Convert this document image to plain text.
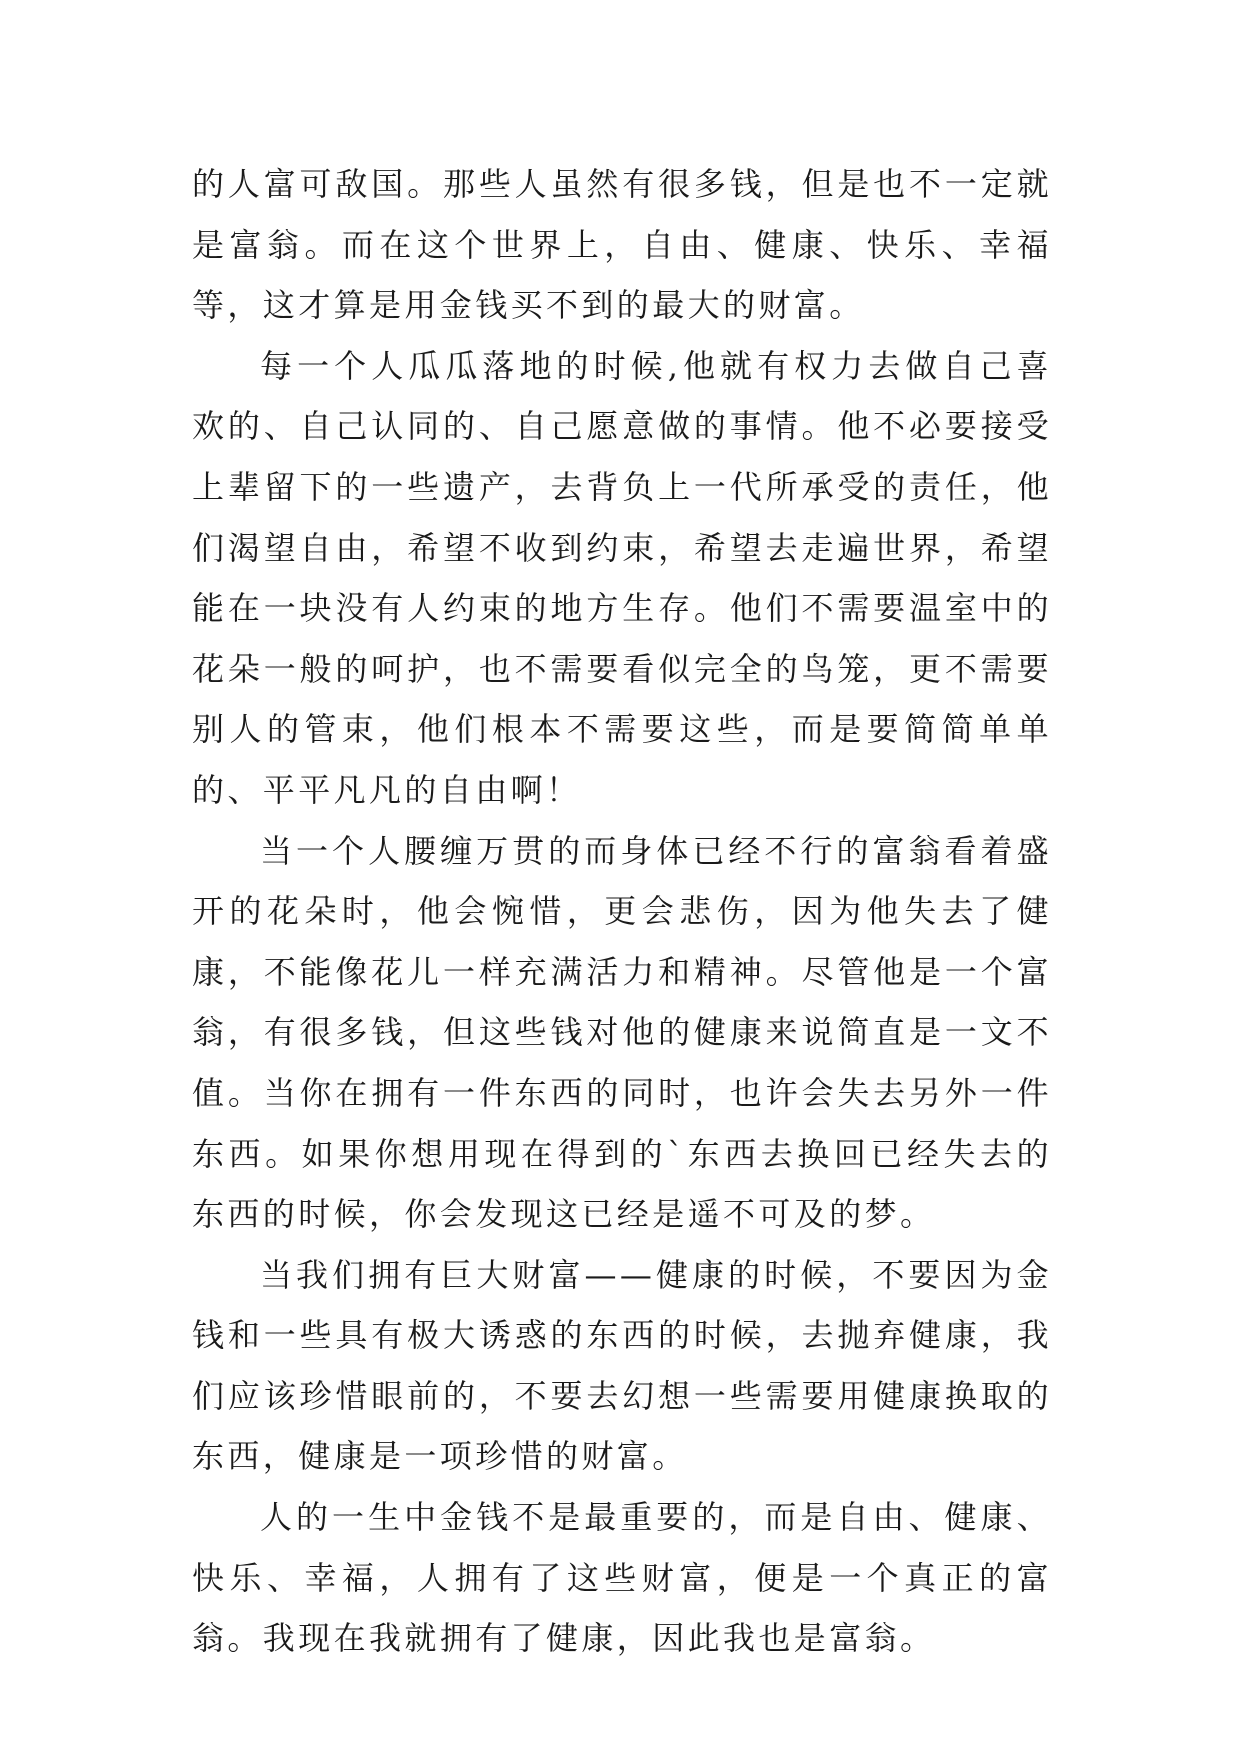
的人富可敌国。那些人虽然有很多钱，但是也不一定就是富翁。而在这个世界上，自由、健康、快乐、幸福等，这才算是用金钱买不到的最大的财富。

每一个人瓜瓜落地的时候,他就有权力去做自己喜欢的、自己认同的、自己愿意做的事情。他不必要接受上辈留下的一些遗产，去背负上一代所承受的责任，他们渴望自由，希望不收到约束，希望去走遍世界，希望能在一块没有人约束的地方生存。他们不需要温室中的花朵一般的呵护，也不需要看似完全的鸟笼，更不需要别人的管束，他们根本不需要这些，而是要简简单单的、平平凡凡的自由啊！

当一个人腰缠万贯的而身体已经不行的富翁看着盛开的花朵时，他会惋惜，更会悲伤，因为他失去了健康，不能像花儿一样充满活力和精神。尽管他是一个富翁，有很多钱，但这些钱对他的健康来说简直是一文不值。当你在拥有一件东西的同时，也许会失去另外一件东西。如果你想用现在得到的`东西去换回已经失去的东西的时候，你会发现这已经是遥不可及的梦。

当我们拥有巨大财富——健康的时候，不要因为金钱和一些具有极大诱惑的东西的时候，去抛弃健康，我们应该珍惜眼前的，不要去幻想一些需要用健康换取的东西，健康是一项珍惜的财富。

人的一生中金钱不是最重要的，而是自由、健康、快乐、幸福，人拥有了这些财富，便是一个真正的富翁。我现在我就拥有了健康，因此我也是富翁。
